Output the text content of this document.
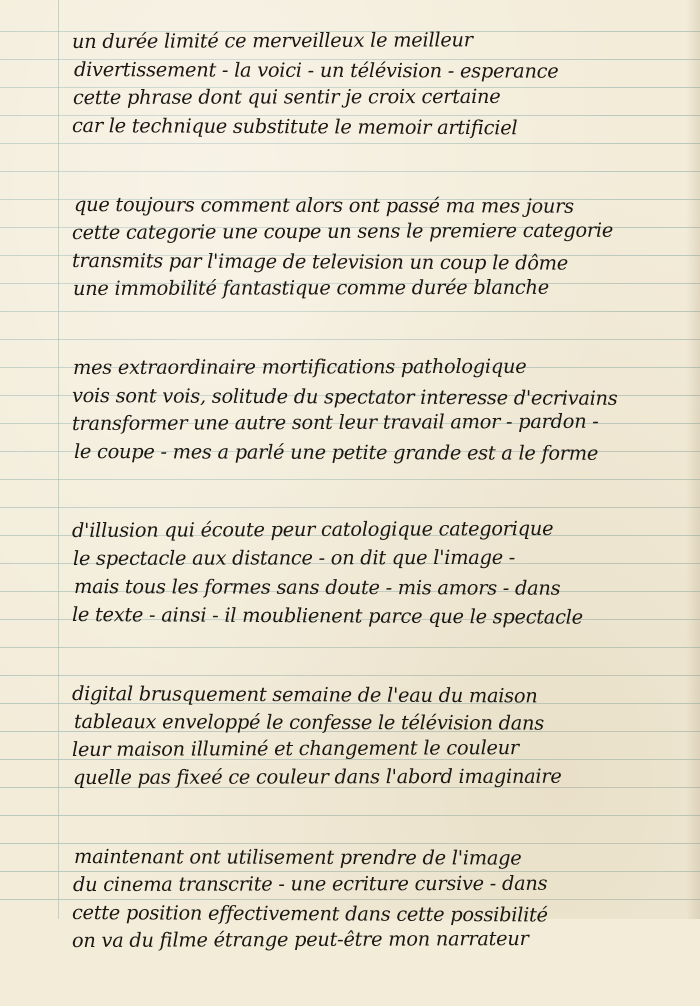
un durée limité ce merveilleux le meilleur
divertissement - la voici - un télévision - esperance
cette phrase dont qui sentir je croix certaine
car le technique substitute le memoir artificiel
que toujours comment alors ont passé ma mes jours
cette categorie une coupe un sens le premiere categorie
transmits par l'image de television un coup le dôme
une immobilité fantastique comme durée blanche
mes extraordinaire mortifications pathologique
vois sont vois, solitude du spectator interesse d'ecrivains
transformer une autre sont leur travail amor - pardon -
le coupe - mes a parlé une petite grande est a le forme
d'illusion qui écoute peur catologique categorique
le spectacle aux distance - on dit que l'image -
mais tous les formes sans doute - mis amors - dans
le texte - ainsi - il moublienent parce que le spectacle
digital brusquement semaine de l'eau du maison
tableaux enveloppé le confesse le télévision dans
leur maison illuminé et changement le couleur
quelle pas fixeé ce couleur dans l'abord imaginaire
maintenant ont utilisement prendre de l'image
du cinema transcrite - une ecriture cursive - dans
cette position effectivement dans cette possibilité
on va du filme étrange peut-être mon narrateur
